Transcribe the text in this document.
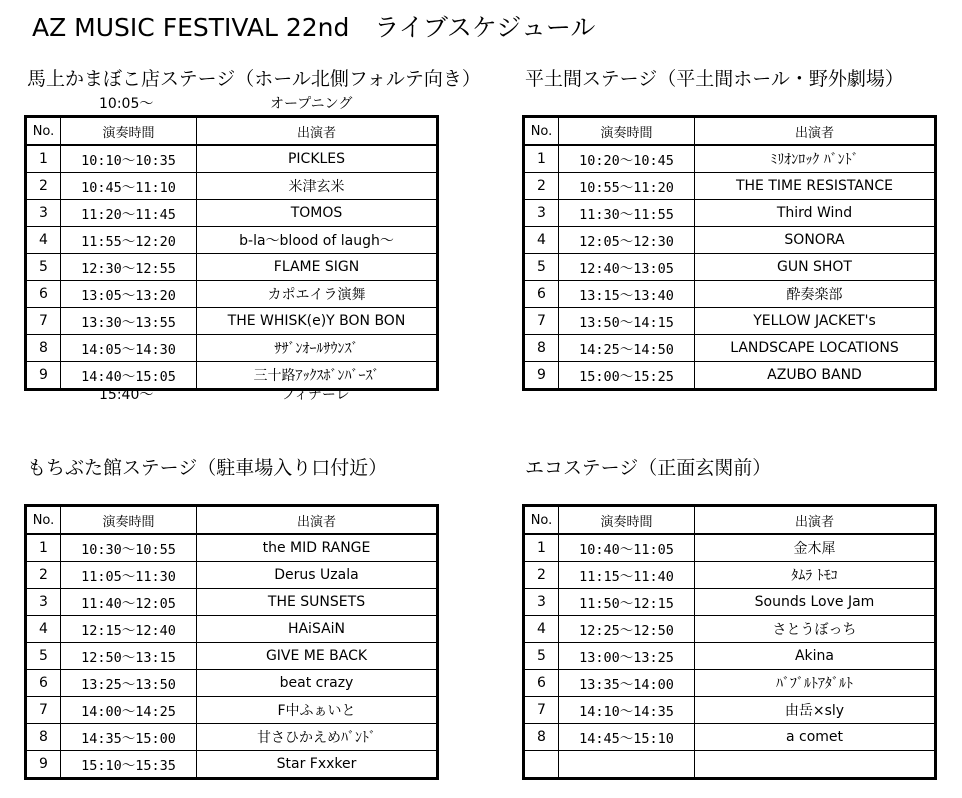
AZ MUSIC FESTIVAL 22nd　ライブスケジュール
馬上かまぼこ店ステージ（ホール北側フォルテ向き）
10:05〜	オープニング
No.	演奏時間	出演者
1	10:10〜10:35	PICKLES
2	10:45〜11:10	米津玄米
3	11:20〜11:45	TOMOS
4	11:55〜12:20	b-la〜blood of laugh〜
5	12:30〜12:55	FLAME SIGN
6	13:05〜13:20	カポエイラ演舞
7	13:30〜13:55	THE WHISK(e)Y BON BON
8	14:05〜14:30	ｻｻﾞﾝｵｰﾙｻｳﾝｽﾞ
9	14:40〜15:05	三十路ｱｯｸｽﾎﾞﾝﾊﾞｰｽﾞ
15:40〜	フィナーレ
平土間ステージ（平土間ホール・野外劇場）
No.	演奏時間	出演者
1	10:20〜10:45	ﾐﾘｵﾝﾛｯｸ ﾊﾞﾝﾄﾞ
2	10:55〜11:20	THE TIME RESISTANCE
3	11:30〜11:55	Third Wind
4	12:05〜12:30	SONORA
5	12:40〜13:05	GUN SHOT
6	13:15〜13:40	酔奏楽部
7	13:50〜14:15	YELLOW JACKET's
8	14:25〜14:50	LANDSCAPE LOCATIONS
9	15:00〜15:25	AZUBO BAND
もちぶた館ステージ（駐車場入り口付近）
No.	演奏時間	出演者
1	10:30〜10:55	the MID RANGE
2	11:05〜11:30	Derus Uzala
3	11:40〜12:05	THE SUNSETS
4	12:15〜12:40	HAiSAiN
5	12:50〜13:15	GIVE ME BACK
6	13:25〜13:50	beat crazy
7	14:00〜14:25	F中ふぁいと
8	14:35〜15:00	甘さひかえめﾊﾞﾝﾄﾞ
9	15:10〜15:35	Star Fxxker
エコステージ（正面玄関前）
No.	演奏時間	出演者
1	10:40〜11:05	金木犀
2	11:15〜11:40	ﾀﾑﾗ ﾄﾓｺ
3	11:50〜12:15	Sounds Love Jam
4	12:25〜12:50	さとうぼっち
5	13:00〜13:25	Akina
6	13:35〜14:00	ﾊﾞﾌﾞﾙﾄｱﾀﾞﾙﾄ
7	14:10〜14:35	由岳×sly
8	14:45〜15:10	a comet
